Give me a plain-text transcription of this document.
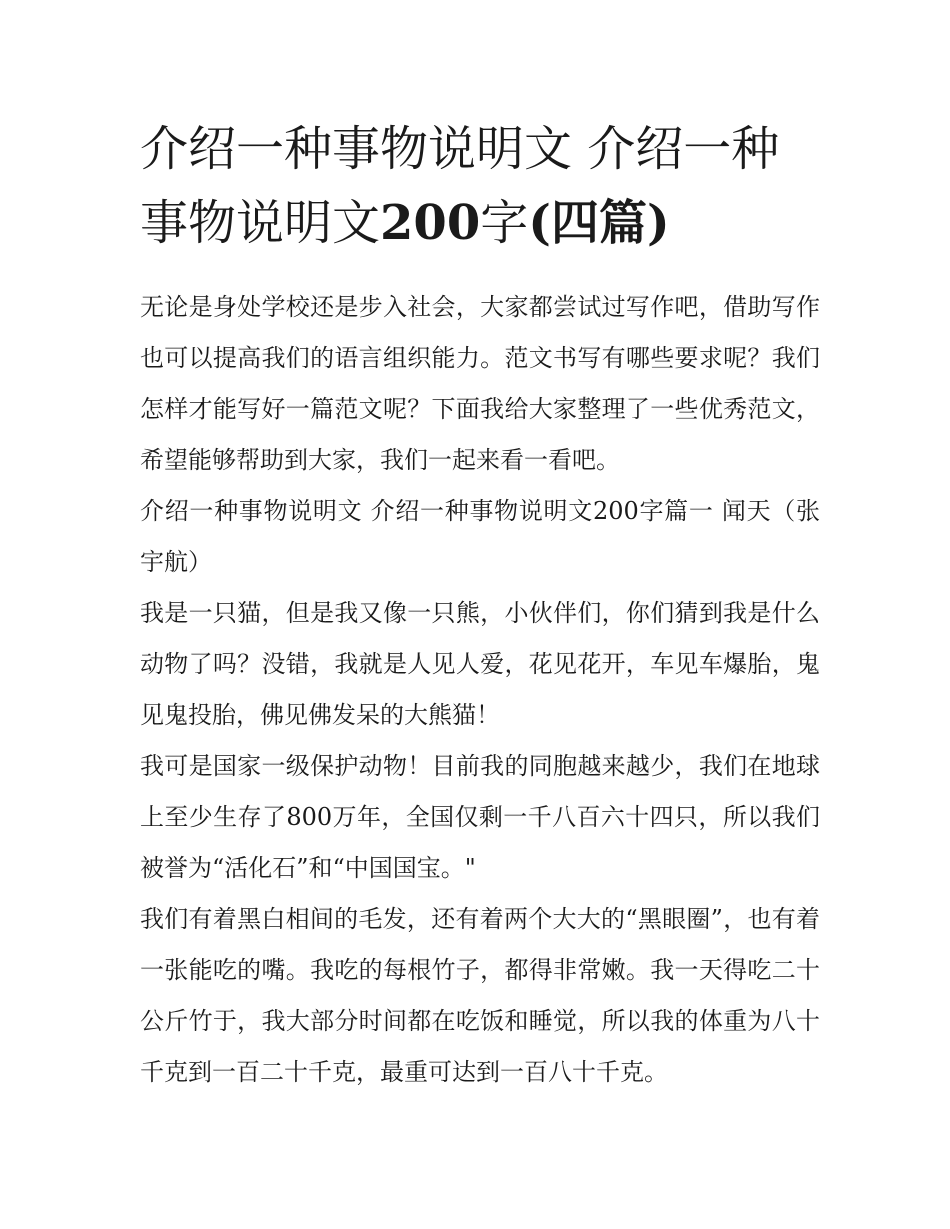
介绍一种事物说明文 介绍一种事物说明文200字(四篇)

无论是身处学校还是步入社会，大家都尝试过写作吧，借助写作也可以提高我们的语言组织能力。范文书写有哪些要求呢？我们怎样才能写好一篇范文呢？下面我给大家整理了一些优秀范文，希望能够帮助到大家，我们一起来看一看吧。

介绍一种事物说明文 介绍一种事物说明文200字篇一 闻天（张宇航）

我是一只猫，但是我又像一只熊，小伙伴们，你们猜到我是什么动物了吗？没错，我就是人见人爱，花见花开，车见车爆胎，鬼见鬼投胎，佛见佛发呆的大熊猫！

我可是国家一级保护动物！目前我的同胞越来越少，我们在地球上至少生存了800万年，全国仅剩一千八百六十四只，所以我们被誉为“活化石”和“中国国宝。"

我们有着黑白相间的毛发，还有着两个大大的“黑眼圈”，也有着一张能吃的嘴。我吃的每根竹子，都得非常嫩。我一天得吃二十公斤竹于，我大部分时间都在吃饭和睡觉，所以我的体重为八十千克到一百二十千克，最重可达到一百八十千克。
